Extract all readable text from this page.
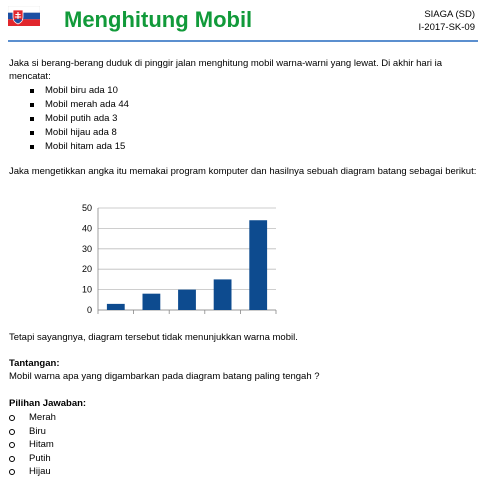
Menghitung Mobil	SIAGA (SD)
I-2017-SK-09

Jaka si berang-berang duduk di pinggir jalan menghitung mobil warna-warni yang lewat. Di akhir hari ia mencatat:

Mobil biru ada 10
Mobil merah ada 44
Mobil putih ada 3
Mobil hijau ada 8
Mobil hitam ada 15

Jaka mengetikkan angka itu memakai program komputer dan hasilnya sebuah diagram batang sebagai berikut:

0
10
20
30
40
50

Tetapi sayangnya, diagram tersebut tidak menunjukkan warna mobil.

Tantangan:
Mobil warna apa yang digambarkan pada diagram batang paling tengah ?
Pilihan Jawaban:
Merah
Biru
Hitam
Putih
Hijau
